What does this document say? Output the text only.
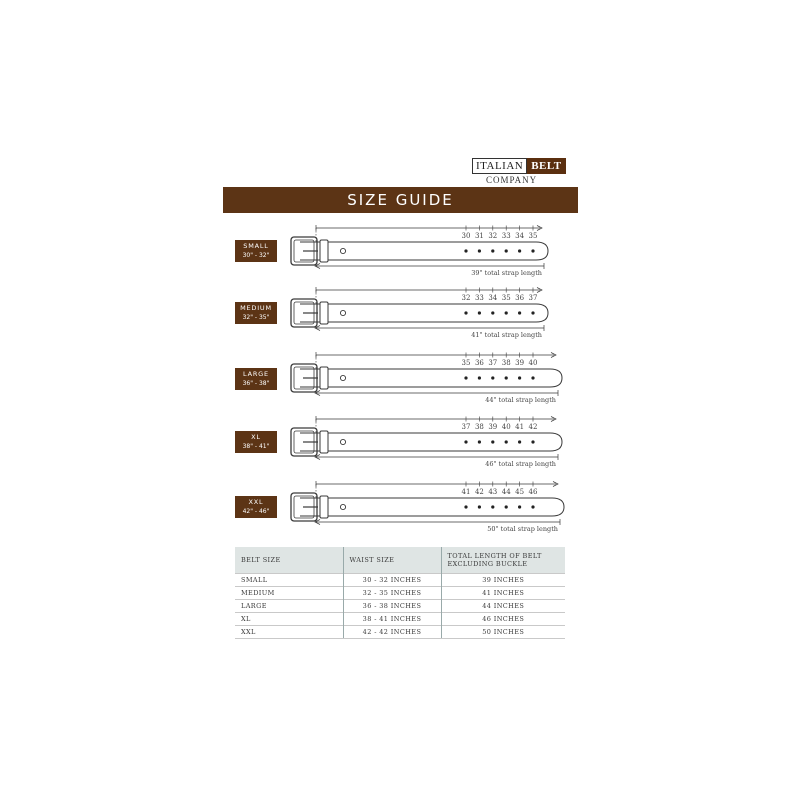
ITALIAN BELT
COMPANY
SIZE GUIDE
SMALL
30" - 32"
MEDIUM
32" - 35"
LARGE
36" - 38"
XL
38" - 41"
XXL
42" - 46"
30 31 32 33 34 35
39" total strap length
32 33 34 35 36 37
41" total strap length
35 36 37 38 39 40
44" total strap length
37 38 39 40 41 42
46" total strap length
41 42 43 44 45 46
50" total strap length
BELT SIZE	WAIST SIZE	TOTAL LENGTH OF BELT
EXCLUDING BUCKLE

SMALL	30 - 32 INCHES	39 INCHES
MEDIUM	32 - 35 INCHES	41 INCHES
LARGE	36 - 38 INCHES	44 INCHES
XL	38 - 41 INCHES	46 INCHES
XXL	42 - 42 INCHES	50 INCHES
